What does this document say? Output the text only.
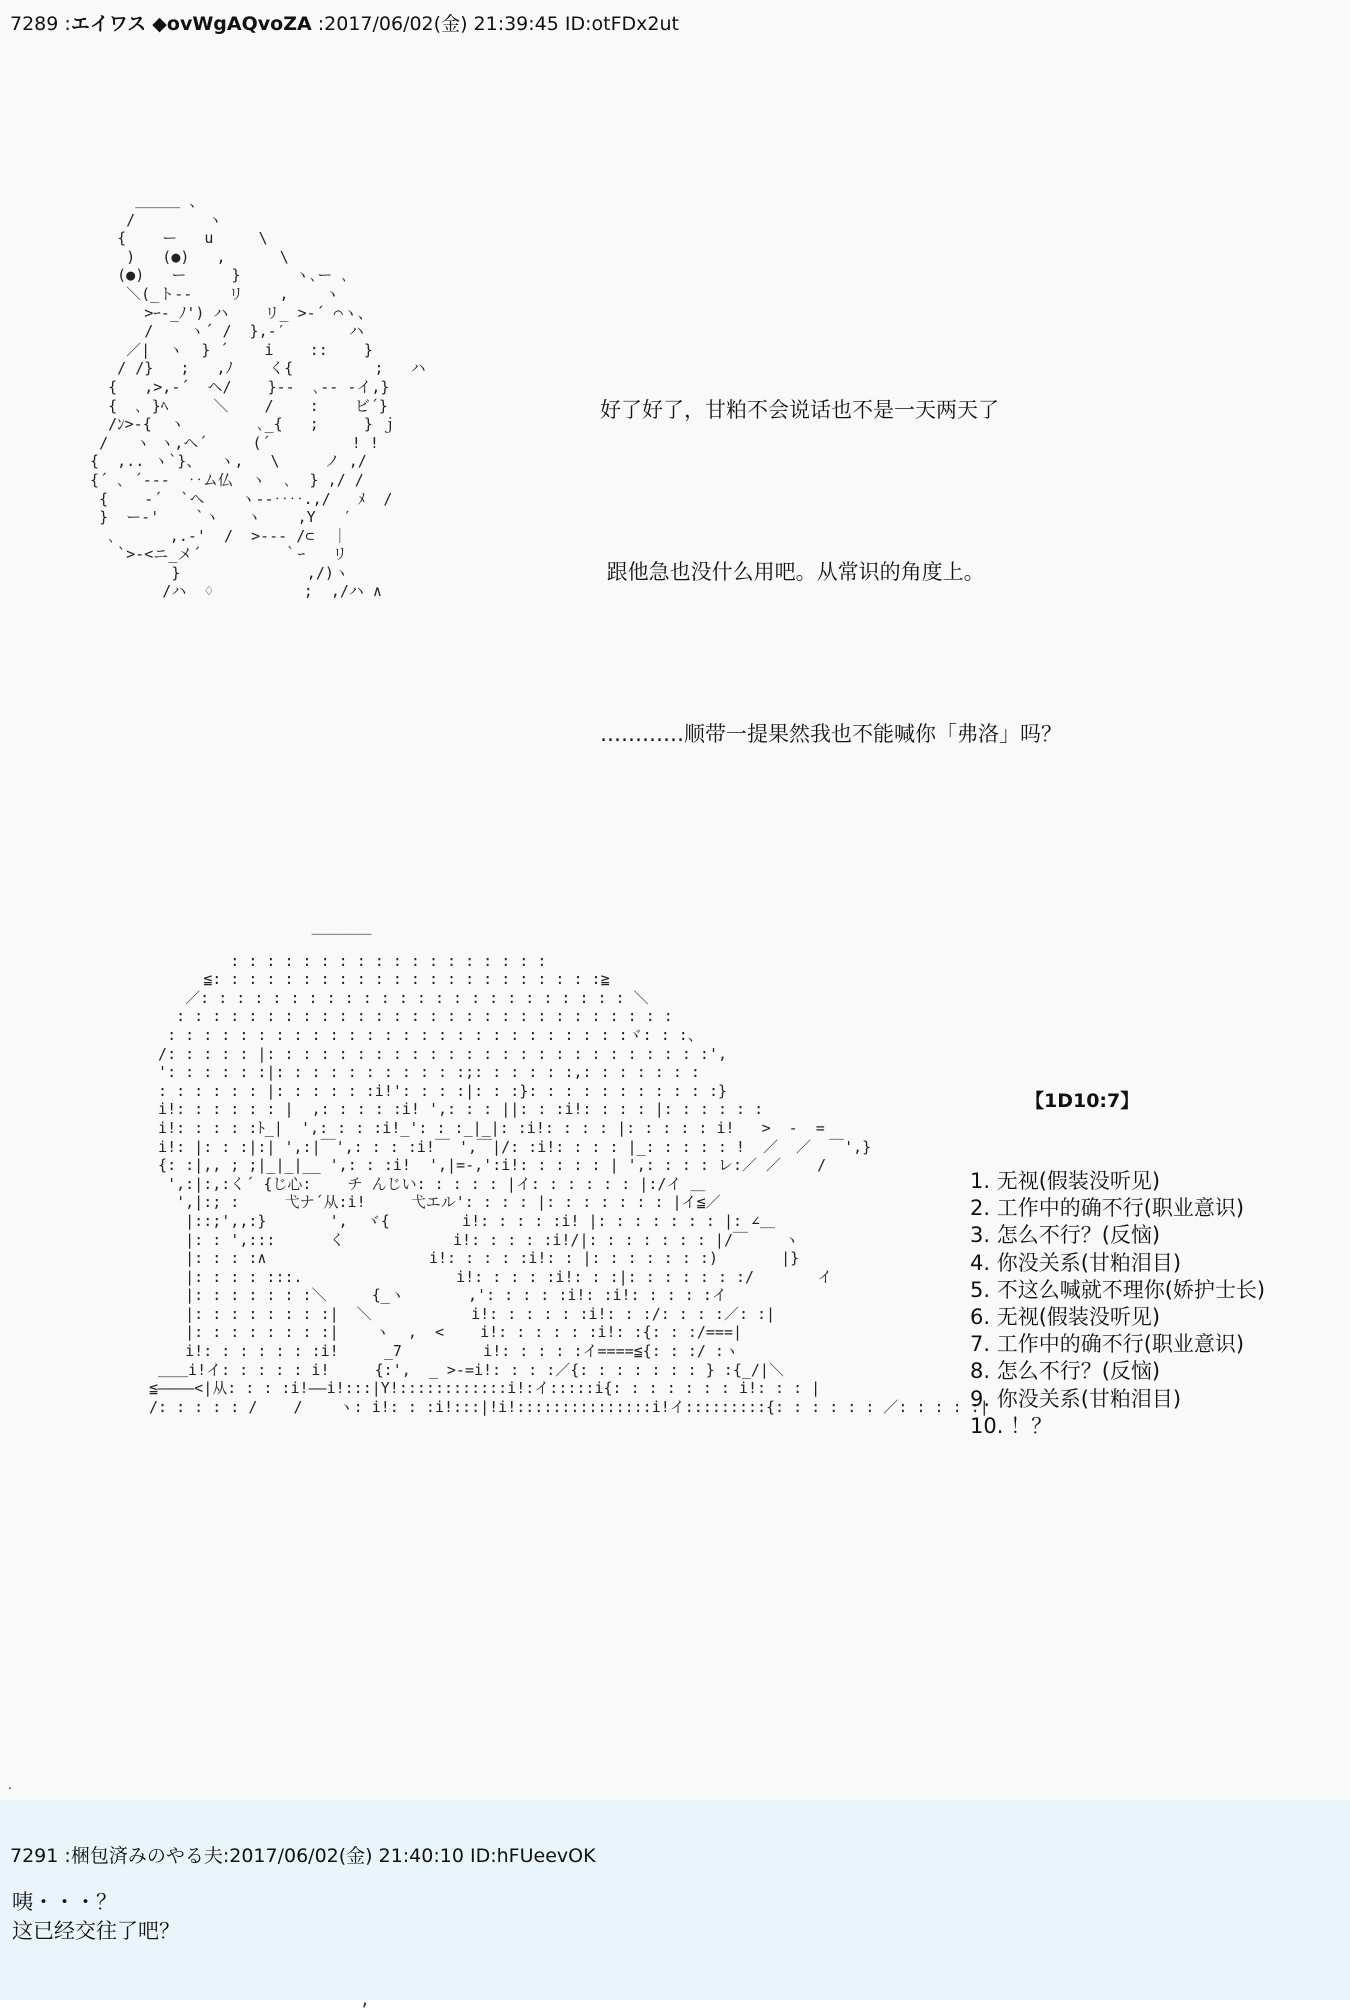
7289 :エイワス ◆ovWgAQvoZA :2017/06/02(金) 21:39:45 ID:otFDx2ut
＿＿＿ 、
/        ヽ
{    ー   u     \
)   (●)   ,      \
(●)   ー     }      ヽ､ー ､
＼(_ト-‐    リ    ,    ヽ
>ｰ-_ﾉ') ハ    リ_ >-´ ⌒ヽ、
/    ヽ´ /  },-′       ハ
／|  ヽ  } ´    i    ::    }
/ /}   ;   ,ﾉ    く{         ;   ハ
{   ,>,-´  ヘ/    }‐-  ､-- ‐イ,}
{  ､ }ﾍ     ＼    /    :    ビ´}
/ﾝ>‐{  ヽ        ､_{   ;     } ｊ
/   ヽ ヽ,ヘ´     (´         ! !
{  ,.. ヽ`}、  ヽ,   \     ノ ,/
{´ ､ ´---  ‥ム仏  ヽ  ､  } ,/ /
{    ‐´  `ヘ    ヽ--‥‥.,/   ﾒ  /
}  ー-'    `ヽ   ヽ    ,Y   ′
､      ,.-'  /  >--- /⊂  ｜
`>-<ニ_メ´         ｀ｰ   リ
}              ,/)ヽ
/ハ  ♢          ;  ,/ハ ∧

好了好了，甘粕不会说话也不是一天两天了

跟他急也没什么用吧。从常识的角度上。

…………顺带一提果然我也不能喊你「弗洛」吗？

￣￣￣￣
: : : : : : : : : : : : : : : : : :
≦: : : : : : : : : : : : : : : : : : : : : :≧
／: : : : : : : : : : : : : : : : : : : : : : : : ＼
: : : : : : : : : : : : : : : : : : : : : : : : : : : :
: : : : : : : : : : : : : : : : : : : : : : : : : :ヾ: : :、
/: : : : : |: : : : : : : : : : : : : : : : : : : : : : : : :',
': : : : : :|: : : : : : : : : : :;: : : : : :,: : : : : : :
: : : : : : |: : : : : :i!': : : :|: : :}: : : : : : : : : : :}
i!: : : : : : |  ,: : : : :i! ',: : : ||: : :i!: : : : |: : : : : :
i!: : : : :ﾄ_|  ',: : : :i!_': : :_|_|: :i!: : : : |: : : : : i!   >  -  =
i!: |: : :|:| ',:|￣',: : : :i!￣ ',￣|/: :i!: : : : |_: : : : : !  ／  ／  ￣',}
{: :|,, ; ;|_|_|__ ',: : :i!  ',|=-,':i!: : : : : | ',: : : : レ:／ ／    /
',:|:,:く´ {じ心:    チ んじい: : : : : |イ: : : : : : |:/イ ＿
',|:; :     弋ナ´从:i!     弋エル': : : : |: : : : : : : |イ≦／
|::;',,:}       ',  ヾ{        i!: : : : :i! |: : : : : : : |: ∠＿
|: : ',:::      く            i!: : : : :i!/|: : : : : : : |/￣    ヽ
|: : : :∧                  i!: : : : :i!: : |: : : : : : :)       |}
|: : : : :::.                 i!: : : : :i!: : :|: : : : : : :/       イ
|: : : : : : :＼     {_ヽ       ,': : : : :i!: :i!: : : : :イ
|: : : : : : : :|  ＼           i!: : : : : :i!: : :/: : : :／: :|
|: : : : : : : :|    ヽ  ,  <    i!: : : : : :i!: :{: : :/===|
i!: : : : : : :i!     _7         i!: : : : :イ====≦{: : :/ :ヽ
＿＿i!イ: : : : : i!     {:',  _ >-=i!: : : :／{: : : : : : : } :{_/|＼
≦――――<|从: : : :i!――i!:::|Y!::::::::::::i!:イ:::::i{: : : : : : : i!: : : |
/: : : : : /    /    ヽ: i!: : :i!:::|!i!:::::::::::::::i!イ:::::::::{: : : : : : ／: : : : :|
【1D10:7】
1. 无视(假装没听见)
2. 工作中的确不行(职业意识)
3. 怎么不行？(反恼)
4. 你没关系(甘粕泪目)
5. 不这么喊就不理你(娇护士长)
6. 无视(假装没听见)
7. 工作中的确不行(职业意识)
8. 怎么不行？(反恼)
9. 你没关系(甘粕泪目)
10. ！？
.
7291 :梱包済みのやる夫:2017/06/02(金) 21:40:10 ID:hFUeevOK
咦・・・？
这已经交往了吧？
,
